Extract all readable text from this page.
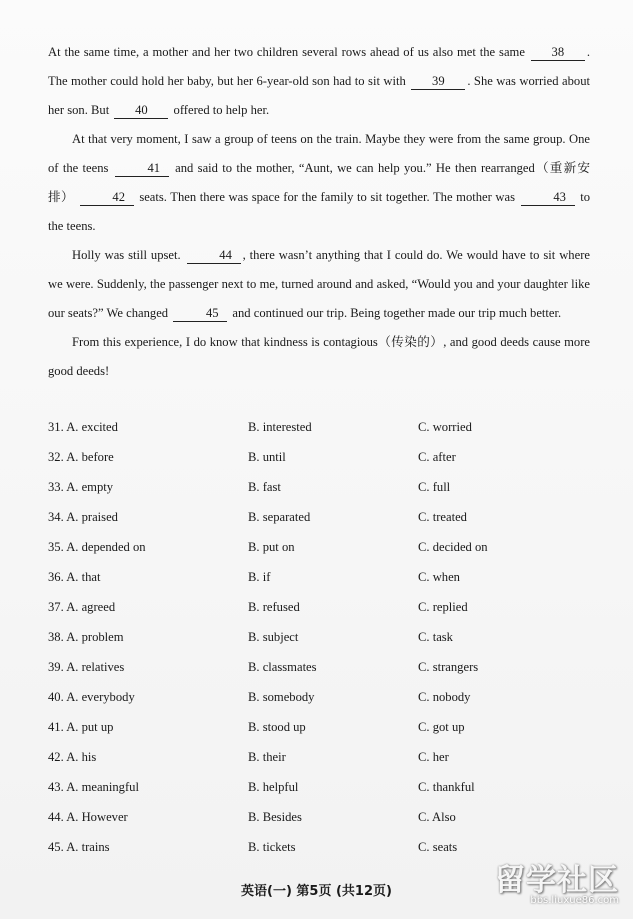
At the same time, a mother and her two children several rows ahead of us also met the same 38 . The mother could hold her baby, but her 6-year-old son had to sit with 39 . She was worried about her son. But 40 offered to help her.

At that very moment, I saw a group of teens on the train. Maybe they were from the same group. One of the teens	41 and said to the mother, “Aunt, we can help you.” He then rearranged（重新安排）	42 seats. Then there was space for the family to sit together. The mother was	43 to the teens.

Holly was still upset.	44 , there wasn’t anything that I could do. We would have to sit where we were. Suddenly, the passenger next to me, turned around and asked, “Would you and your daughter like our seats?” We changed	45 and continued our trip. Being together made our trip much better.

From this experience, I do know that kindness is contagious（传染的）, and good deeds cause more good deeds!

31. A. excited	B. interested	C. worried
32. A. before	B. until	C. after
33. A. empty	B. fast	C. full
34. A. praised	B. separated	C. treated
35. A. depended on	B. put on	C. decided on
36. A. that	B. if	C. when
37. A. agreed	B. refused	C. replied
38. A. problem	B. subject	C. task
39. A. relatives	B. classmates	C. strangers
40. A. everybody	B. somebody	C. nobody
41. A. put up	B. stood up	C. got up
42. A. his	B. their	C. her
43. A. meaningful	B. helpful	C. thankful
44. A. However	B. Besides	C. Also
45. A. trains	B. tickets	C. seats
英语(一) 第5页 (共12页)	留学社区
bbs.liuxue86.com
